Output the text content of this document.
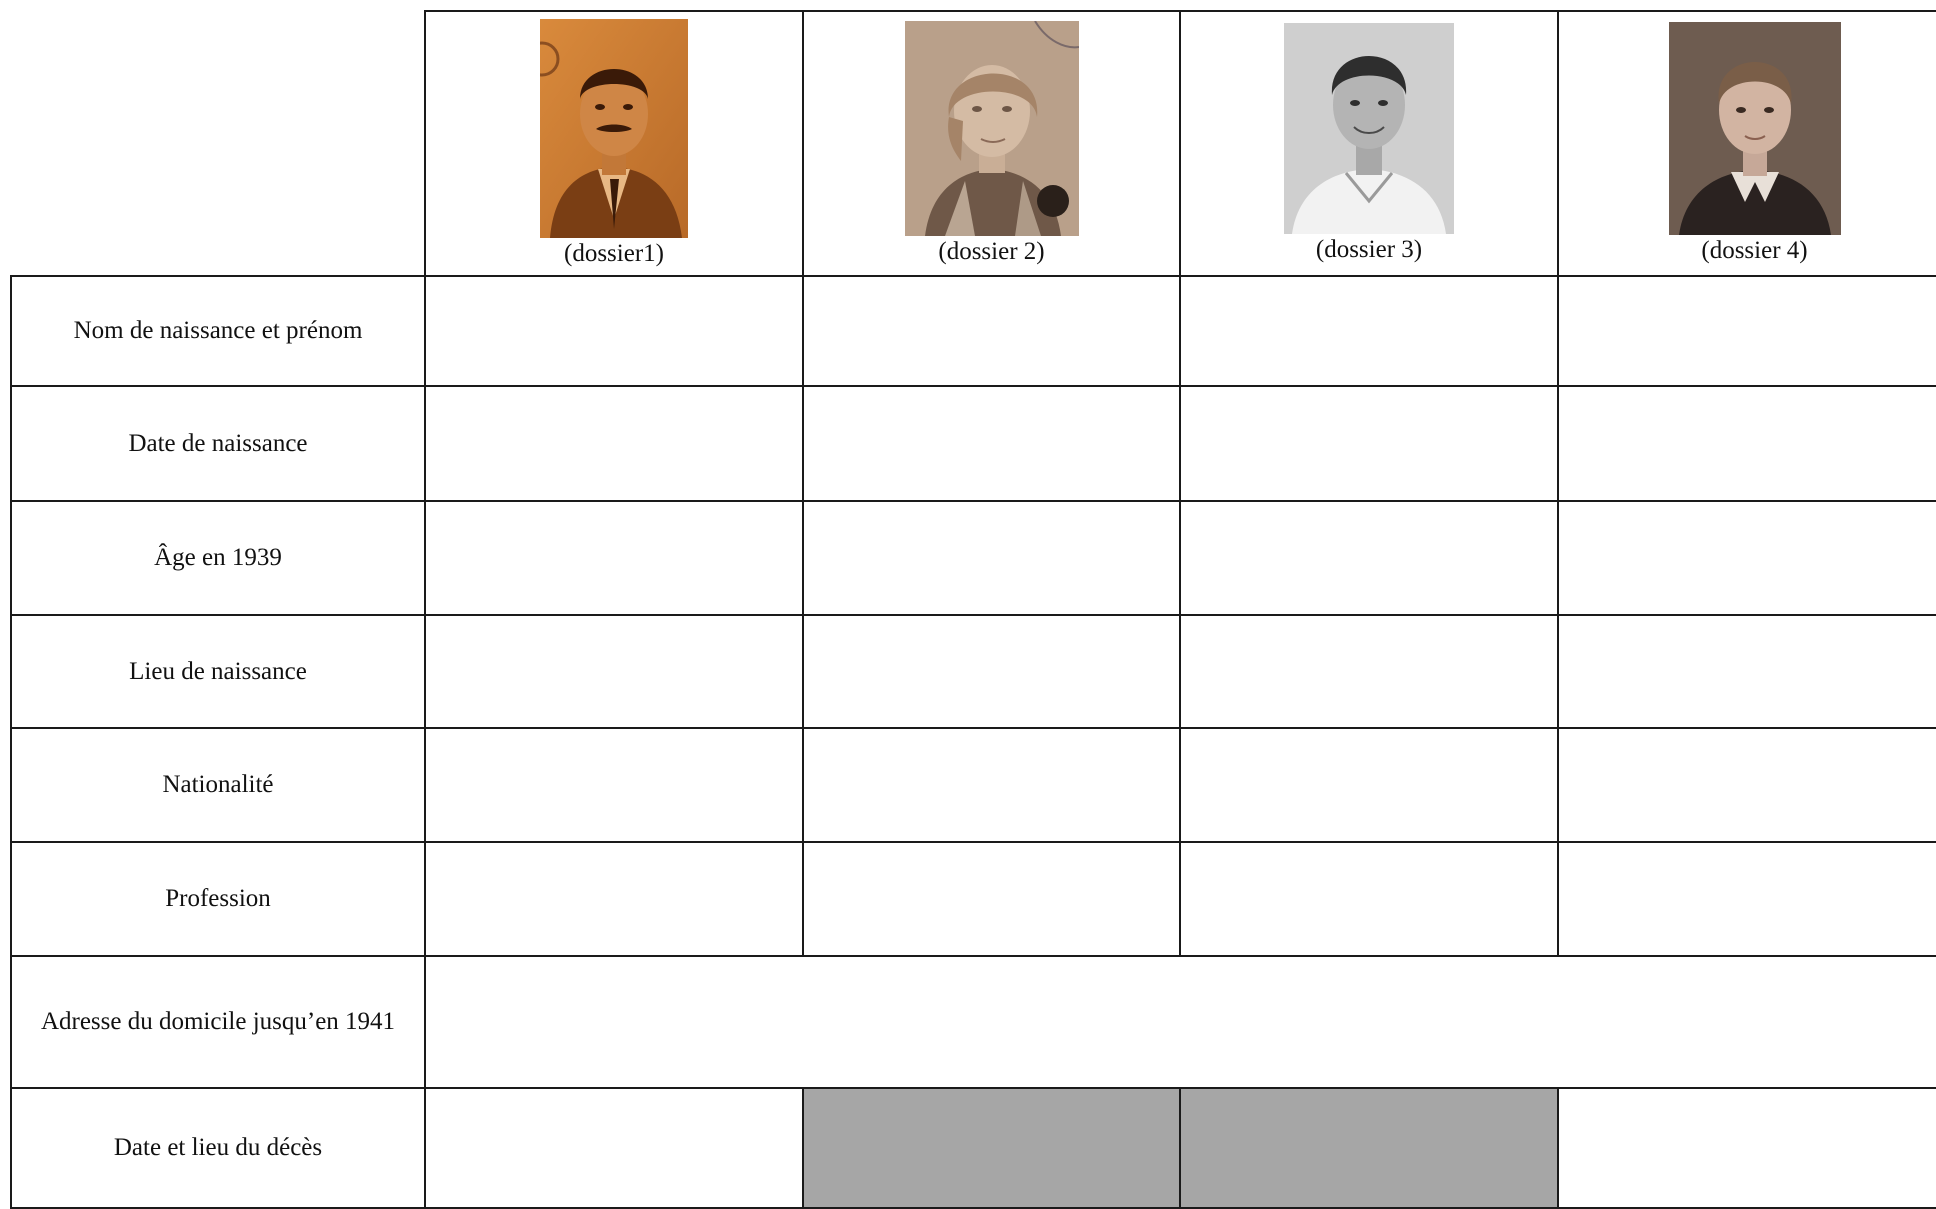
	(dossier1)	(dossier 2)	(dossier 3)	(dossier 4)

Nom de naissance et prénom				
Date de naissance				
Âge en 1939				
Lieu de naissance				
Nationalité				
Profession				
Adresse du domicile jusqu’en 1941				
Date et lieu du décès				
